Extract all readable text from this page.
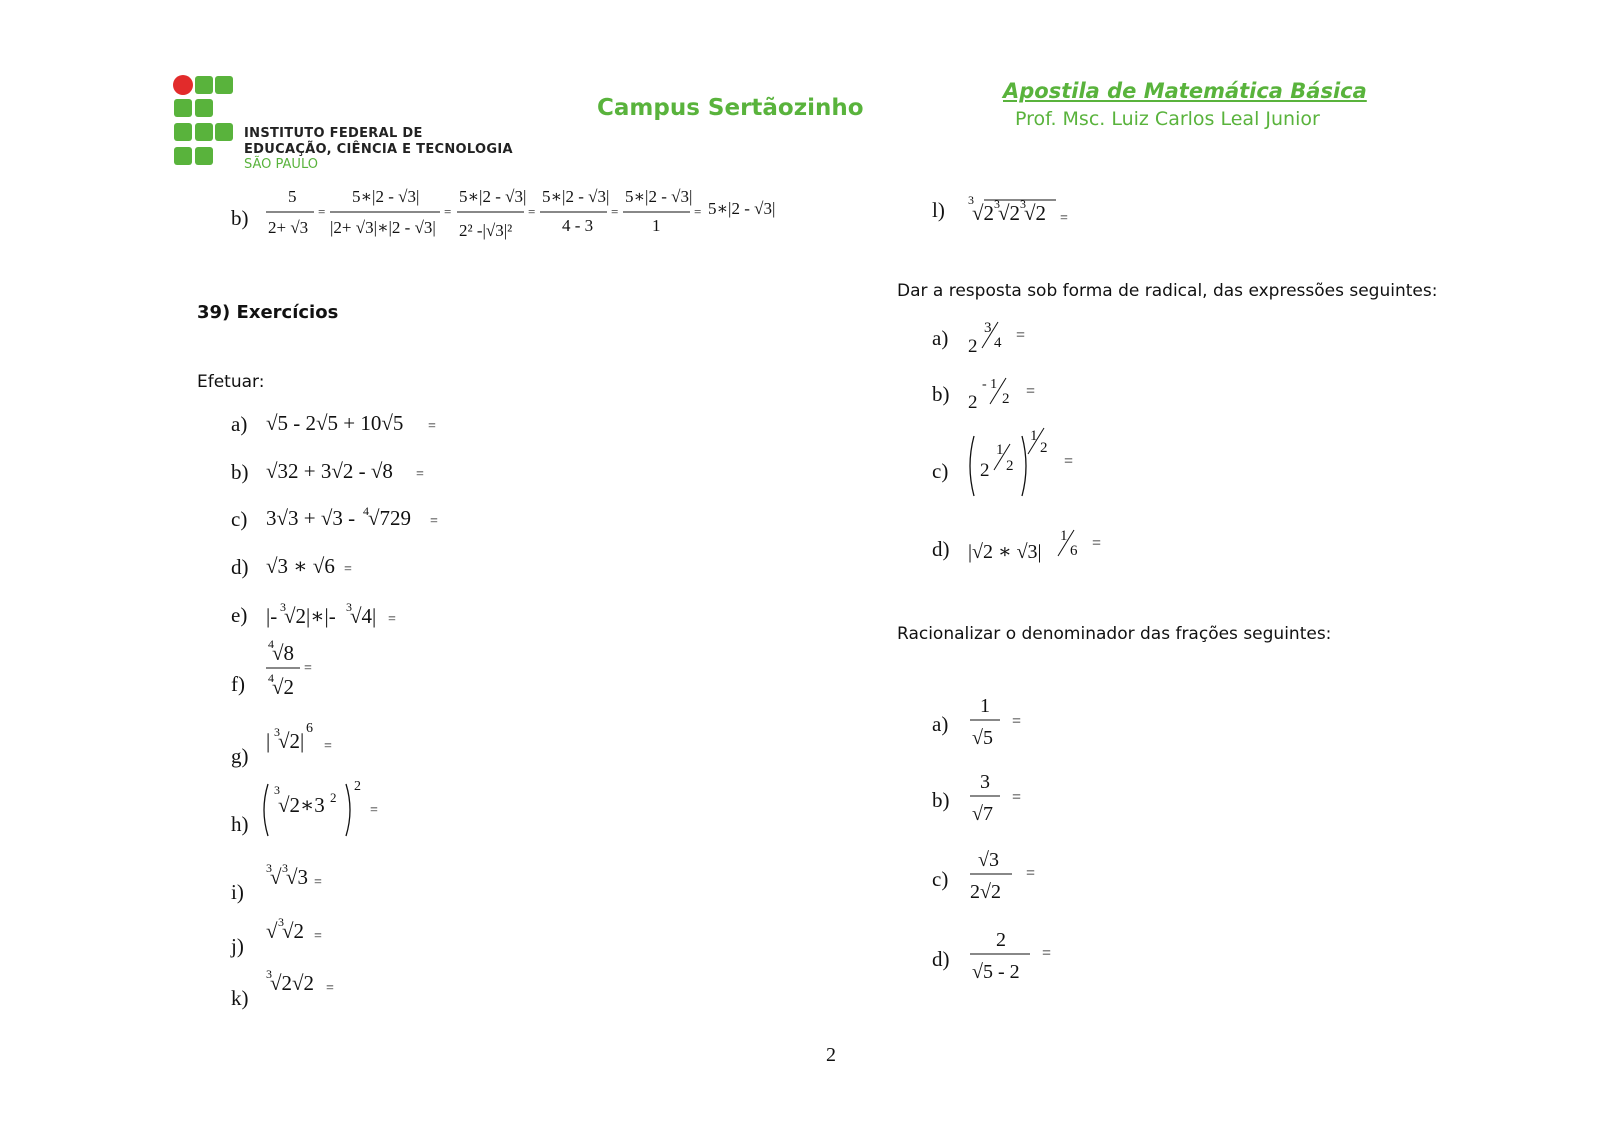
INSTITUTO FEDERAL DE
EDUCAÇÃO, CIÊNCIA E TECNOLOGIA
SÃO PAULO
Campus Sertãozinho
Apostila de Matemática Básica
Prof. Msc. Luiz Carlos Leal Junior
b)
5
2+ √3
=
5∗|2 - √3|
|2+ √3|∗|2 - √3|
=
5∗|2 - √3|
2² -|√3|²
=
5∗|2 - √3|
4 - 3
=
5∗|2 - √3|
1
= 5∗|2 - √3|
39) Exercícios
Efetuar:
a)
b)
c)
d)
e)
f)
g)
h)
i)
j)
k)
√5 - 2√5 + 10√5 =
√32 + 3√2 - √8 =
3√3 + √3 - 4 √729 =
√3 ∗ √6 =
|- 3
√2|∗|- 3
√4| =
4
√8
4
√2
=
| 3
√2|
6
=
3
√2∗3 2
2
=
3
√ 3
√3 =
√ 3
√2 =
3
√2√2 =
l) 3
√2 3
√2 3
√2 =
Dar a resposta sob forma de radical, das expressões seguintes:
a) 2
3
4 =
b) 2
- 1
2 =
c) 2
1
2
1
2
=
d) |√2 ∗ √3|
1
6 =
Racionalizar o denominador das frações seguintes:
a)
1
√5
=
b)
3
√7
=
c)
√3
2√2
=
d)
2
√5 - 2
=
2
